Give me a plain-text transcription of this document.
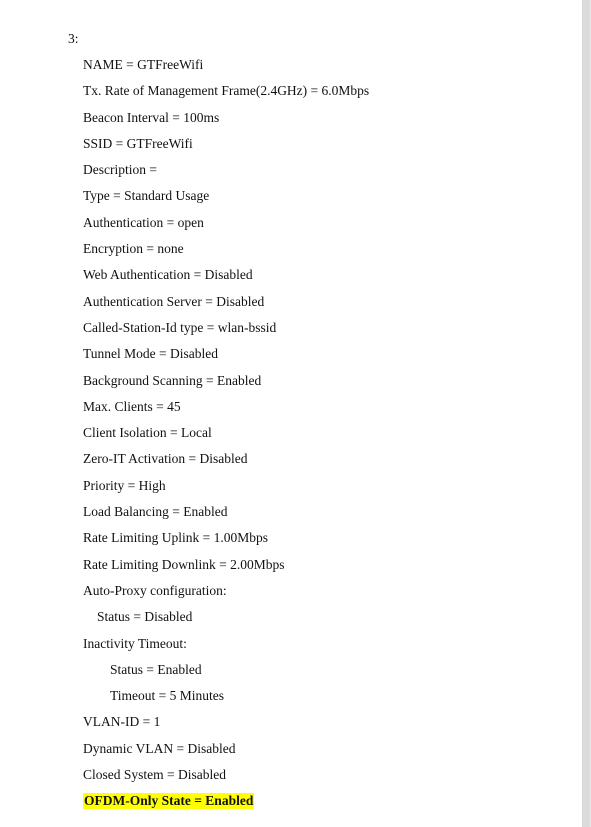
3:
NAME = GTFreeWifi
Tx. Rate of Management Frame(2.4GHz) = 6.0Mbps
Beacon Interval = 100ms
SSID = GTFreeWifi
Description =
Type = Standard Usage
Authentication = open
Encryption = none
Web Authentication = Disabled
Authentication Server = Disabled
Called-Station-Id type = wlan-bssid
Tunnel Mode = Disabled
Background Scanning = Enabled
Max. Clients = 45
Client Isolation = Local
Zero-IT Activation = Disabled
Priority = High
Load Balancing = Enabled
Rate Limiting Uplink = 1.00Mbps
Rate Limiting Downlink = 2.00Mbps
Auto-Proxy configuration:
Status = Disabled
Inactivity Timeout:
Status = Enabled
Timeout = 5 Minutes
VLAN-ID = 1
Dynamic VLAN = Disabled
Closed System = Disabled
OFDM-Only State = Enabled
